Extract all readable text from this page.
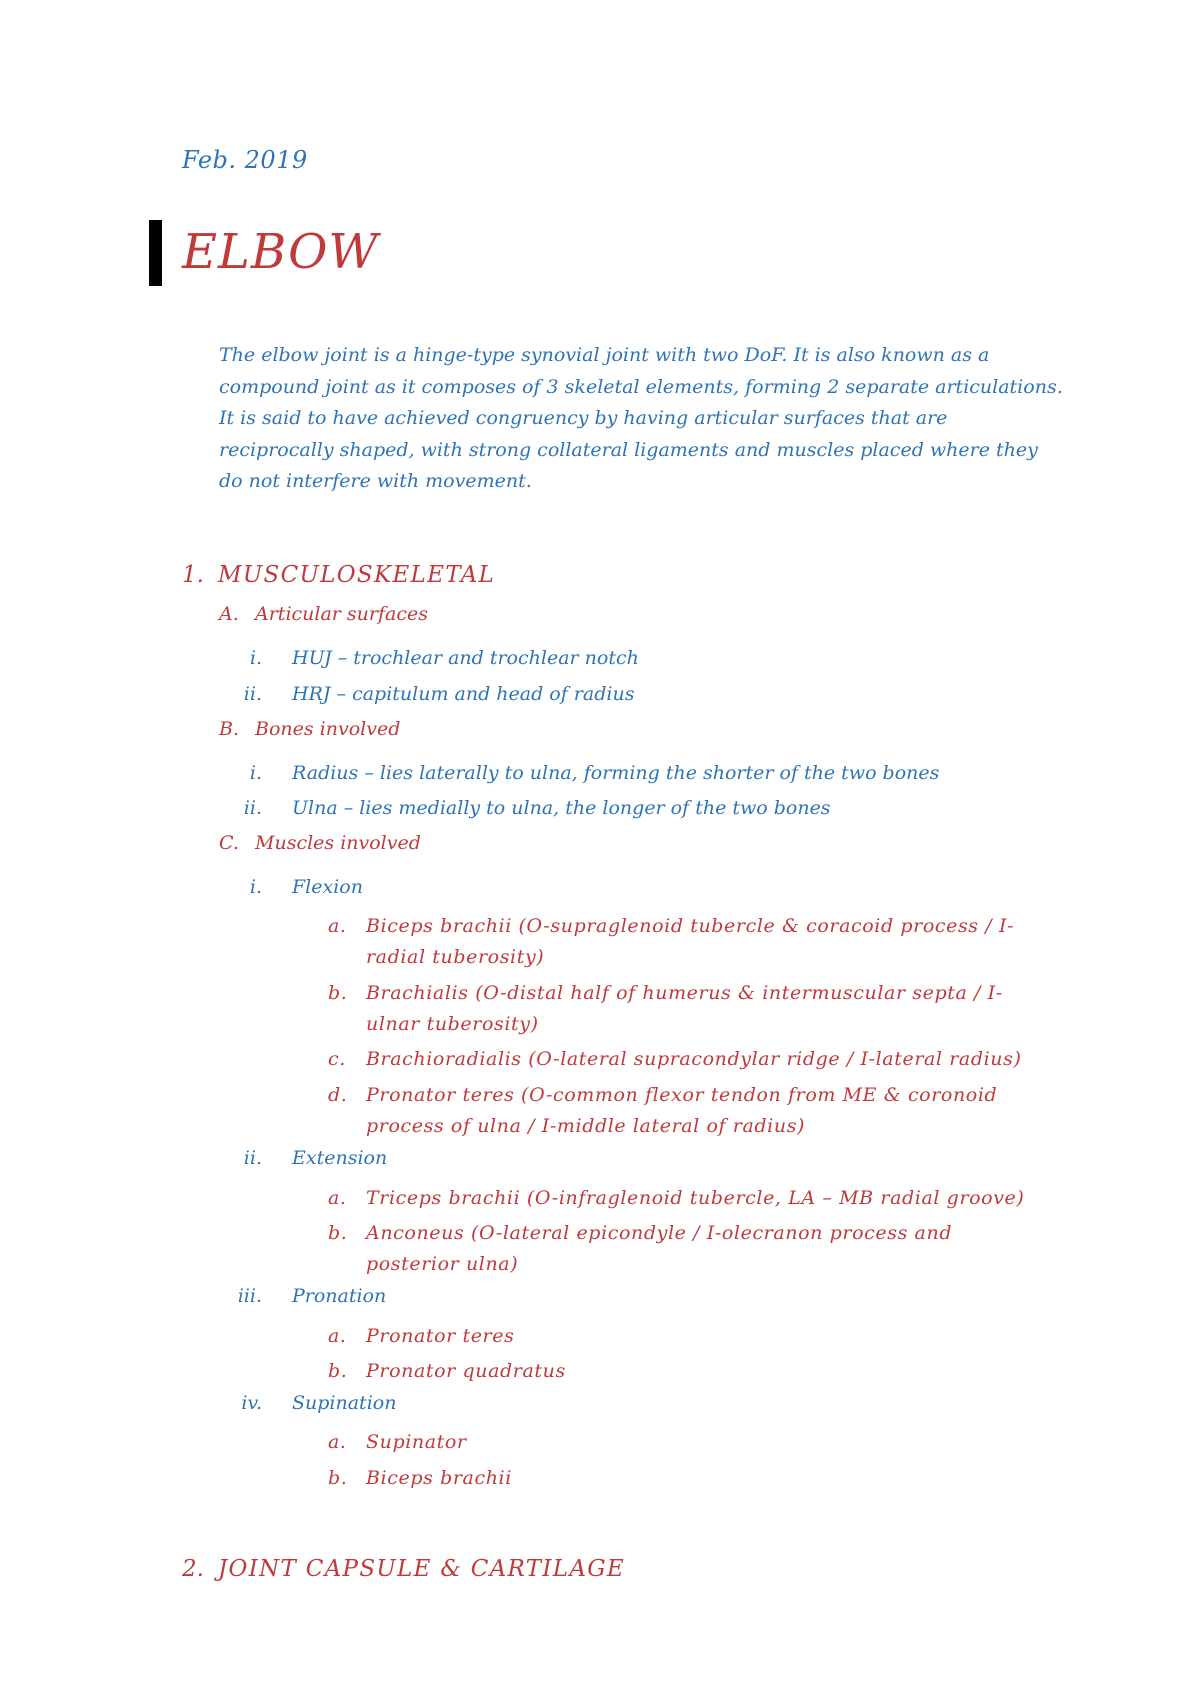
Feb. 2019
ELBOW
The elbow joint is a hinge-type synovial joint with two DoF. It is also known as a
compound joint as it composes of 3 skeletal elements, forming 2 separate articulations.
It is said to have achieved congruency by having articular surfaces that are
reciprocally shaped, with strong collateral ligaments and muscles placed where they
do not interfere with movement.
1. MUSCULOSKELETAL
A. Articular surfaces
i. HUJ – trochlear and trochlear notch
ii. HRJ – capitulum and head of radius
B. Bones involved
i. Radius – lies laterally to ulna, forming the shorter of the two bones
ii. Ulna – lies medially to ulna, the longer of the two bones
C. Muscles involved
i. Flexion
a.	Biceps brachii (O-supraglenoid tubercle & coracoid process / I-
radial tuberosity)
b. Brachialis (O-distal half of humerus & intermuscular septa / I-
ulnar tuberosity)
c.	Brachioradialis (O-lateral supracondylar ridge / I-lateral radius)
d. Pronator teres (O-common flexor tendon from ME & coronoid
process of ulna / I-middle lateral of radius)
ii. Extension
a.	Triceps brachii (O-infraglenoid tubercle, LA – MB radial groove)
b. Anconeus (O-lateral epicondyle / I-olecranon process and
posterior ulna)
iii. Pronation
a.	Pronator teres
b. Pronator quadratus
iv. Supination
a.	Supinator
b. Biceps brachii
2. JOINT CAPSULE & CARTILAGE
